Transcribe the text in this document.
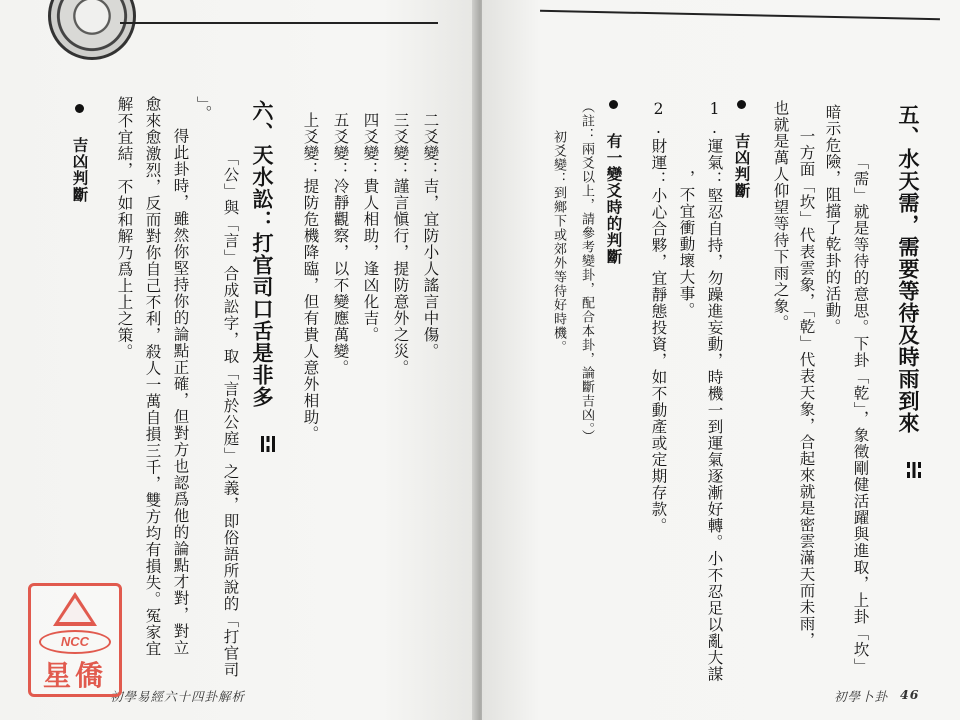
二爻變：吉，宜防小人謠言中傷。
三爻變：謹言愼行，提防意外之災。
四爻變：貴人相助，逢凶化吉。
五爻變：冷靜觀察，以不變應萬變。
上爻變：提防危機降臨，但有貴人意外相助。
六、天水訟：打官司口舌是非多
「公」與「言」合成訟字，取「言於公庭」之義，即俗語所說的「打官司
」。
得此卦時，雖然你堅持你的論點正確，但對方也認爲他的論點才對，對立
愈來愈激烈，反而對你自己不利，殺人一萬自損三千，雙方均有損失。冤家宜
解不宜結，不如和解乃爲上上之策。
吉凶判斷
初學易經六十四卦解析
NCC
星僑
五、水天需，需要等待及時雨到來
「需」就是等待的意思。下卦「乾」，象徵剛健活躍與進取，上卦「坎」
暗示危險，阻擋了乾卦的活動。
一方面「坎」代表雲象，「乾」代表天象，合起來就是密雲滿天而未雨，
也就是萬人仰望等待下雨之象。
吉凶判斷
1.運氣：堅忍自持，勿躁進妄動，時機一到運氣逐漸好轉。小不忍足以亂大謀
，不宜衝動壞大事。
2.財運：小心合夥，宜靜態投資，如不動產或定期存款。
有一變爻時的判斷
（註：兩爻以上，請參考變卦，配合本卦，論斷吉凶。）
初爻變：到鄉下或郊外等待好時機。
初學卜卦 46
